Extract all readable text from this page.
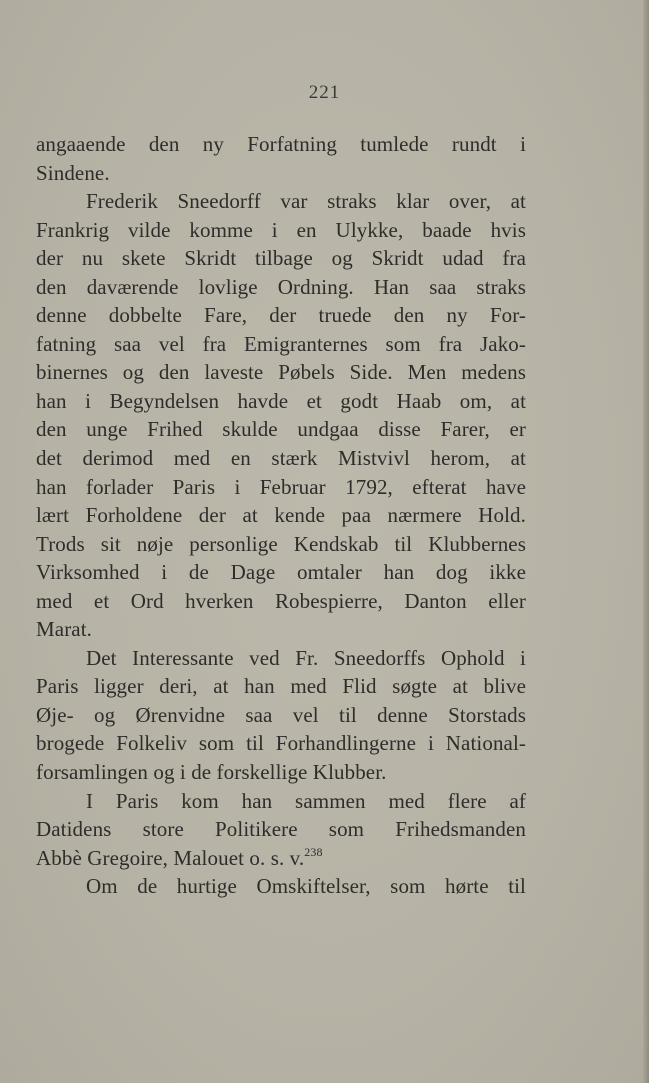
221
angaaende den ny Forfatning tumlede rundt i
Sindene.
Frederik Sneedorff var straks klar over, at
Frankrig vilde komme i en Ulykke, baade hvis
der nu skete Skridt tilbage og Skridt udad fra
den daværende lovlige Ordning. Han saa straks
denne dobbelte Fare, der truede den ny For-
fatning saa vel fra Emigranternes som fra Jako-
binernes og den laveste Pøbels Side. Men medens
han i Begyndelsen havde et godt Haab om, at
den unge Frihed skulde undgaa disse Farer, er
det derimod med en stærk Mistvivl herom, at
han forlader Paris i Februar 1792, efterat have
lært Forholdene der at kende paa nærmere Hold.
Trods sit nøje personlige Kendskab til Klubbernes
Virksomhed i de Dage omtaler han dog ikke
med et Ord hverken Robespierre, Danton eller
Marat.
Det Interessante ved Fr. Sneedorffs Ophold i
Paris ligger deri, at han med Flid søgte at blive
Øje- og Ørenvidne saa vel til denne Storstads
brogede Folkeliv som til Forhandlingerne i National-
forsamlingen og i de forskellige Klubber.
I Paris kom han sammen med flere af
Datidens store Politikere som Frihedsmanden
Abbè Gregoire, Malouet o. s. v.$^{238}$
Om de hurtige Omskiftelser, som hørte til
